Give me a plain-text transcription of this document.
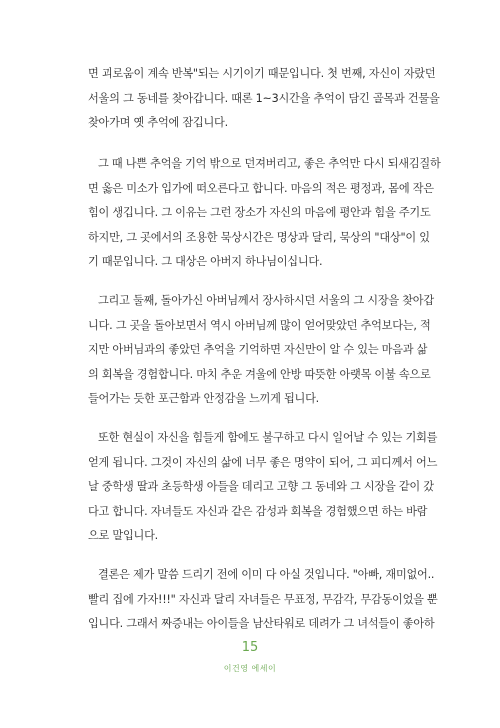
면 괴로움이 계속 반복"되는 시기이기 때문입니다. 첫 번째, 자신이 자랐던
서울의 그 동네를 찾아갑니다. 때론 1~3시간을 추억이 담긴 골목과 건물을
찾아가며 옛 추억에 잠깁니다.
그 때 나쁜 추억을 기억 밖으로 던져버리고, 좋은 추억만 다시 되새김질하
면 옳은 미소가 입가에 떠오른다고 합니다. 마음의 적은 평정과, 몸에 작은
힘이 생깁니다. 그 이유는 그런 장소가 자신의 마음에 평안과 힘을 주기도
하지만, 그 곳에서의 조용한 묵상시간은 명상과 달리, 묵상의 "대상"이 있
기 때문입니다. 그 대상은 아버지 하나님이십니다.
그리고 둘째, 돌아가신 아버님께서 장사하시던 서울의 그 시장을 찾아갑
니다. 그 곳을 돌아보면서 역시 아버님께 많이 얻어맞았던 추억보다는, 적
지만 아버님과의 좋았던 추억을 기억하면 자신만이 알 수 있는 마음과 삶
의 회복을 경험합니다. 마치 추운 겨울에 안방 따뜻한 아랫목 이불 속으로
들어가는 듯한 포근함과 안정감을 느끼게 됩니다.
또한 현실이 자신을 힘들게 함에도 불구하고 다시 일어날 수 있는 기회를
얻게 됩니다. 그것이 자신의 삶에 너무 좋은 명약이 되어, 그 피디께서 어느
날 중학생 딸과 초등학생 아들을 데리고 고향 그 동네와 그 시장을 같이 갔
다고 합니다. 자녀들도 자신과 같은 감성과 회복을 경험했으면 하는 바람
으로 말입니다.
결론은 제가 말씀 드리기 전에 이미 다 아실 것입니다. "아빠, 재미없어..
빨리 집에 가자!!!" 자신과 달리 자녀들은 무표정, 무감각, 무감동이었을 뿐
입니다. 그래서 짜증내는 아이들을 남산타워로 데려가 그 녀석들이 좋아하
15
이건영 에세이
